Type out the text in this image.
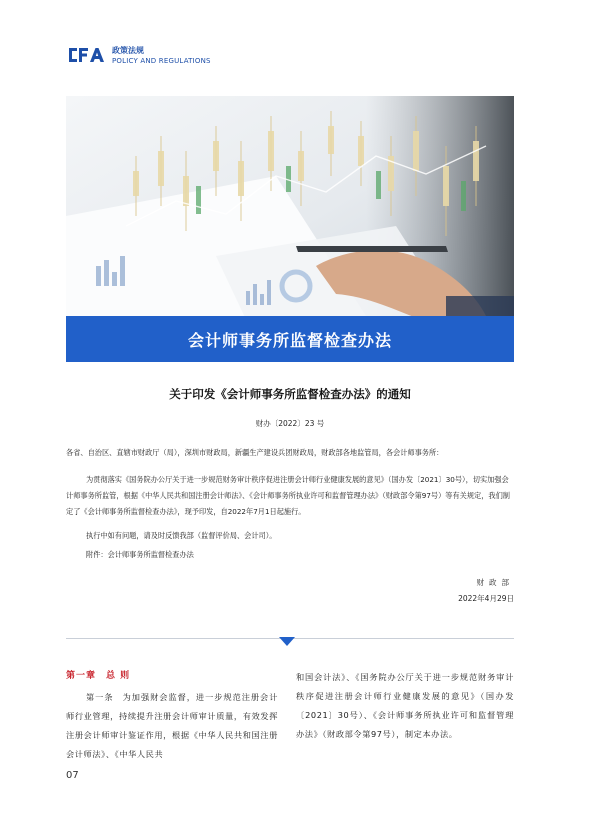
政策法规
POLICY AND REGULATIONS
会计师事务所监督检查办法
关于印发《会计师事务所监督检查办法》的通知
财办〔2022〕23 号

各省、自治区、直辖市财政厅（局），深圳市财政局，新疆生产建设兵团财政局，财政部各地监管局，各会计师事务所：

为贯彻落实《国务院办公厅关于进一步规范财务审计秩序促进注册会计师行业健康发展的意见》（国办发〔2021〕30号），切实加强会计师事务所监管，根据《中华人民共和国注册会计师法》、《会计师事务所执业许可和监督管理办法》（财政部令第97号）等有关规定，我们制定了《会计师事务所监督检查办法》，现予印发，自2022年7月1日起施行。

执行中如有问题，请及时反馈我部（监督评价局、会计司）。

附件：会计师事务所监督检查办法

财政部
2022年4月29日
第一章　总 则

第一条　为加强财会监督，进一步规范注册会计师行业管理，持续提升注册会计师审计质量，有效发挥注册会计师审计鉴证作用，根据《中华人民共和国注册会计师法》、《中华人民共

和国会计法》、《国务院办公厅关于进一步规范财务审计秩序促进注册会计师行业健康发展的意见》（国办发〔2021〕30号）、《会计师事务所执业许可和监督管理办法》（财政部令第97号），制定本办法。

07
